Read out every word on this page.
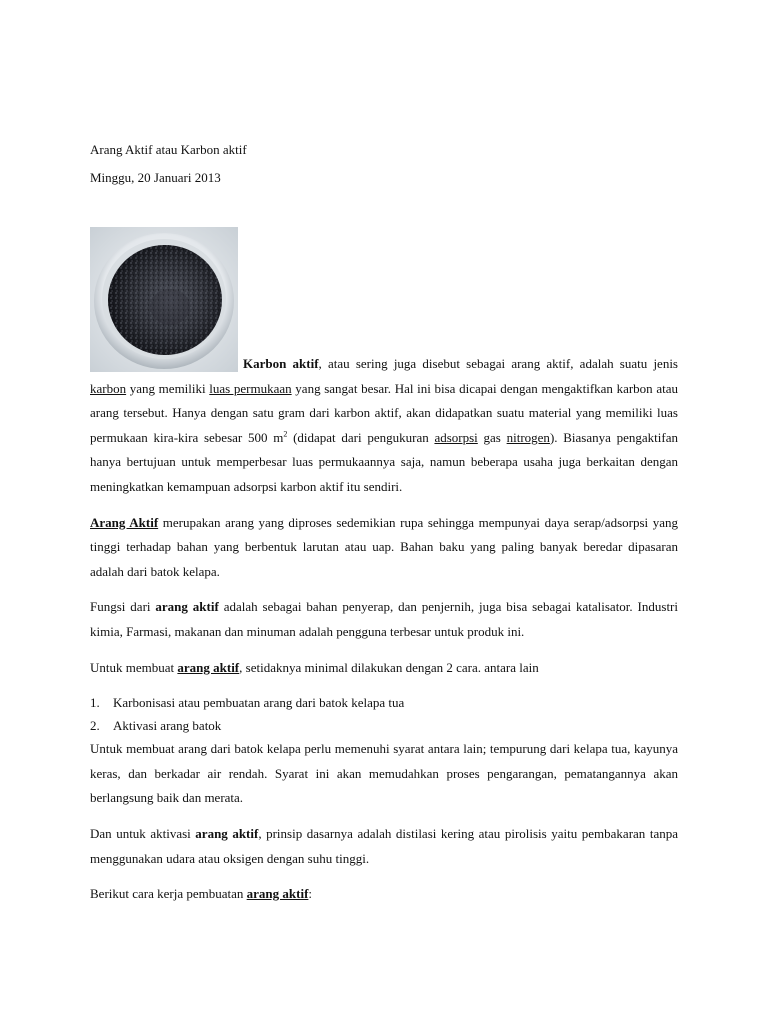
Arang Aktif atau Karbon aktif

Minggu, 20 Januari 2013

Karbon aktif, atau sering juga disebut sebagai arang aktif, adalah suatu jenis karbon yang memiliki luas permukaan yang sangat besar. Hal ini bisa dicapai dengan mengaktifkan karbon atau arang tersebut. Hanya dengan satu gram dari karbon aktif, akan didapatkan suatu material yang memiliki luas permukaan kira-kira sebesar 500 $m^2$ (didapat dari pengukuran adsorpsi gas nitrogen). Biasanya pengaktifan hanya bertujuan untuk memperbesar luas permukaannya saja, namun beberapa usaha juga berkaitan dengan meningkatkan kemampuan adsorpsi karbon aktif itu sendiri.

Arang Aktif merupakan arang yang diproses sedemikian rupa sehingga mempunyai daya serap/adsorpsi yang tinggi terhadap bahan yang berbentuk larutan atau uap. Bahan baku yang paling banyak beredar dipasaran adalah dari batok kelapa.

Fungsi dari arang aktif adalah sebagai bahan penyerap, dan penjernih, juga bisa sebagai katalisator. Industri kimia, Farmasi, makanan dan minuman adalah pengguna terbesar untuk produk ini.

Untuk membuat arang aktif, setidaknya minimal dilakukan dengan 2 cara. antara lain

1. Karbonisasi atau pembuatan arang dari batok kelapa tua
2. Aktivasi arang batok

Untuk membuat arang dari batok kelapa perlu memenuhi syarat antara lain; tempurung dari kelapa tua, kayunya keras, dan berkadar air rendah. Syarat ini akan memudahkan proses pengarangan, pematangannya akan berlangsung baik dan merata.

Dan untuk aktivasi arang aktif, prinsip dasarnya adalah distilasi kering atau pirolisis yaitu pembakaran tanpa menggunakan udara atau oksigen dengan suhu tinggi.

Berikut cara kerja pembuatan arang aktif:
